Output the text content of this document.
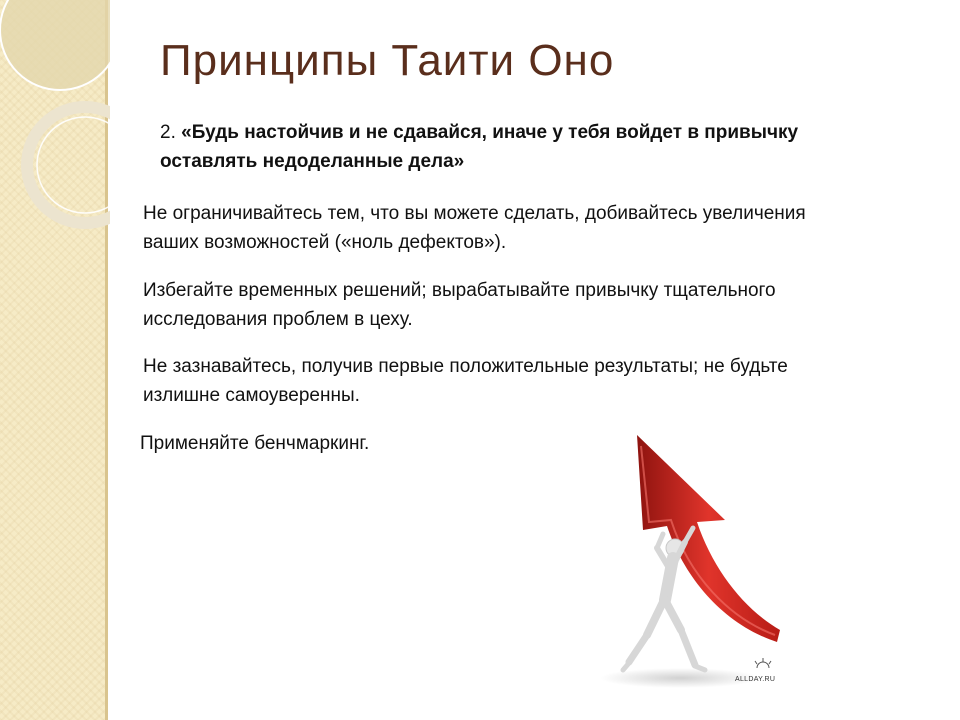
Принципы Таити Оно
2. «Будь настойчив и не сдавайся, иначе у тебя войдет в привычку оставлять недоделанные дела»
Не ограничивайтесь тем, что вы можете сделать, добивайтесь увеличения ваших возможностей («ноль дефектов»).
Избегайте временных решений; вырабатывайте привычку тщательного исследования проблем в цеху.
Не зазнавайтесь, получив первые положительные результаты; не будьте излишне самоуверенны.
Применяйте бенчмаркинг.
ALLDAY.RU
